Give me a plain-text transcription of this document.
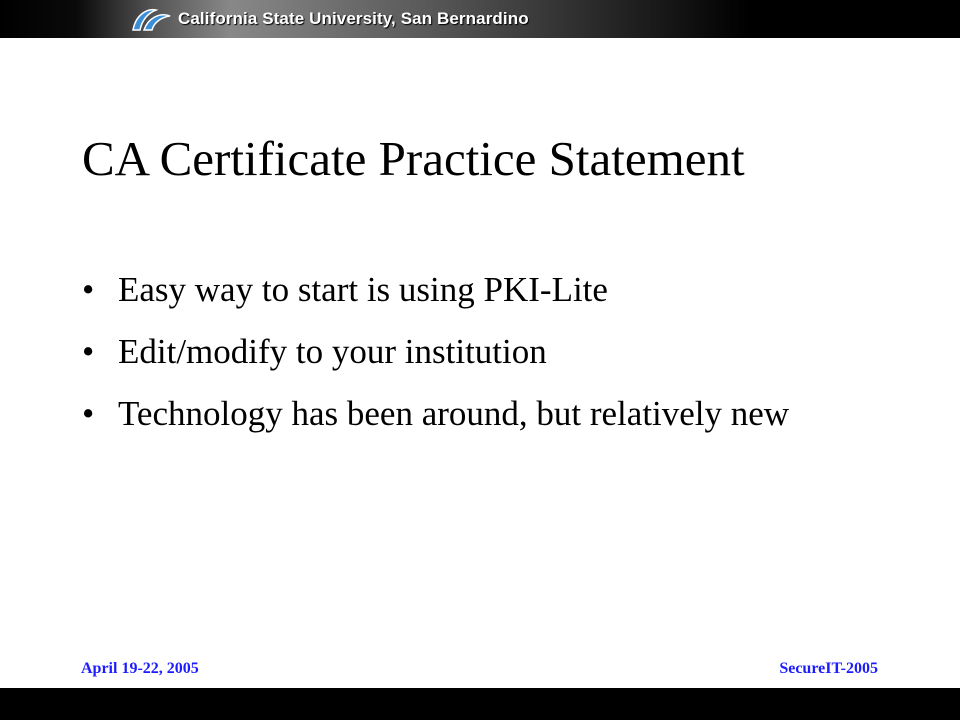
California State University, San Bernardino
CA Certificate Practice Statement
• Easy way to start is using PKI-Lite
• Edit/modify to your institution
• Technology has been around, but relatively new
April 19-22, 2005	SecureIT-2005
